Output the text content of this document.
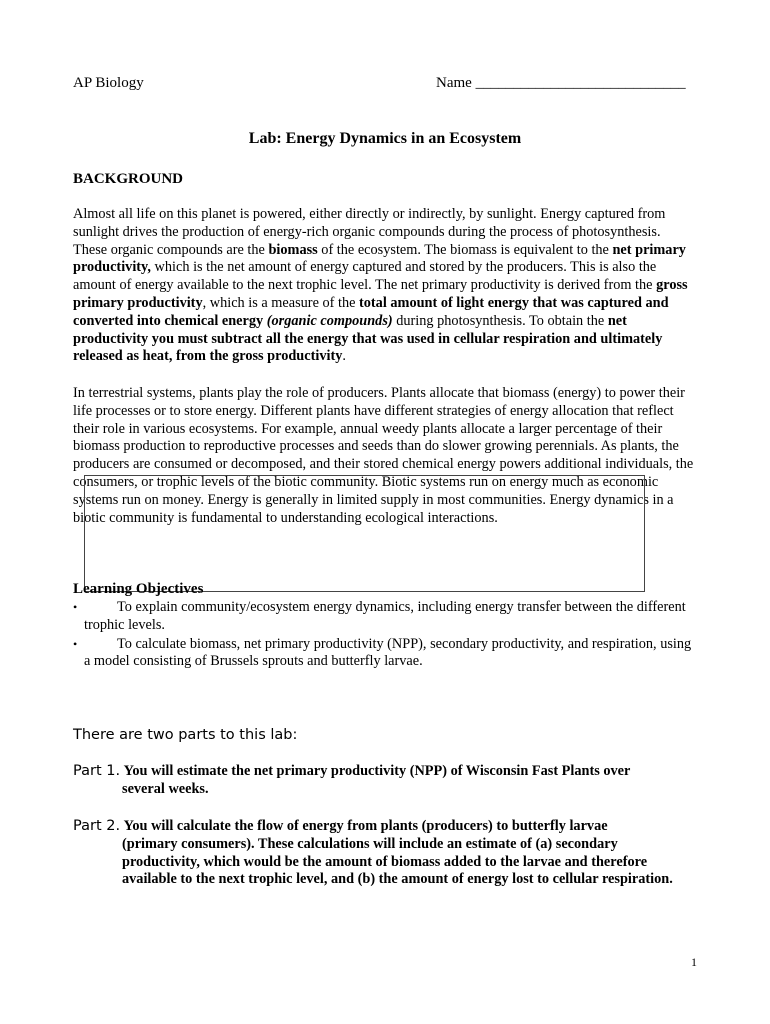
AP Biology	Name ____________________________
Lab: Energy Dynamics in an Ecosystem
BACKGROUND

Almost all life on this planet is powered, either directly or indirectly, by sunlight. Energy captured from sunlight drives the production of energy-rich organic compounds during the process of photosynthesis. These organic compounds are the biomass of the ecosystem. The biomass is equivalent to the net primary productivity, which is the net amount of energy captured and stored by the producers. This is also the amount of energy available to the next trophic level. The net primary productivity is derived from the gross primary productivity, which is a measure of the total amount of light energy that was captured and converted into chemical energy (organic compounds) during photosynthesis. To obtain the net productivity you must subtract all the energy that was used in cellular respiration and ultimately released as heat, from the gross productivity.

In terrestrial systems, plants play the role of producers. Plants allocate that biomass (energy) to power their life processes or to store energy. Different plants have different strategies of energy allocation that reflect their role in various ecosystems. For example, annual weedy plants allocate a larger percentage of their biomass production to reproductive processes and seeds than do slower growing perennials. As plants, the producers are consumed or decomposed, and their stored chemical energy powers additional individuals, the consumers, or trophic levels of the biotic community. Biotic systems run on energy much as economic systems run on money. Energy is generally in limited supply in most communities. Energy dynamics in a biotic community is fundamental to understanding ecological interactions.

Learning Objectives
• To explain community/ecosystem energy dynamics, including energy transfer between the different trophic levels.
• To calculate biomass, net primary productivity (NPP), secondary productivity, and respiration, using a model consisting of Brussels sprouts and butterfly larvae.
There are two parts to this lab:
Part 1. You will estimate the net primary productivity (NPP) of Wisconsin Fast Plants over
several weeks.
Part 2. You will calculate the flow of energy from plants (producers) to butterfly larvae
(primary consumers). These calculations will include an estimate of (a) secondary productivity, which would be the amount of biomass added to the larvae and therefore available to the next trophic level, and (b) the amount of energy lost to cellular respiration.
1
